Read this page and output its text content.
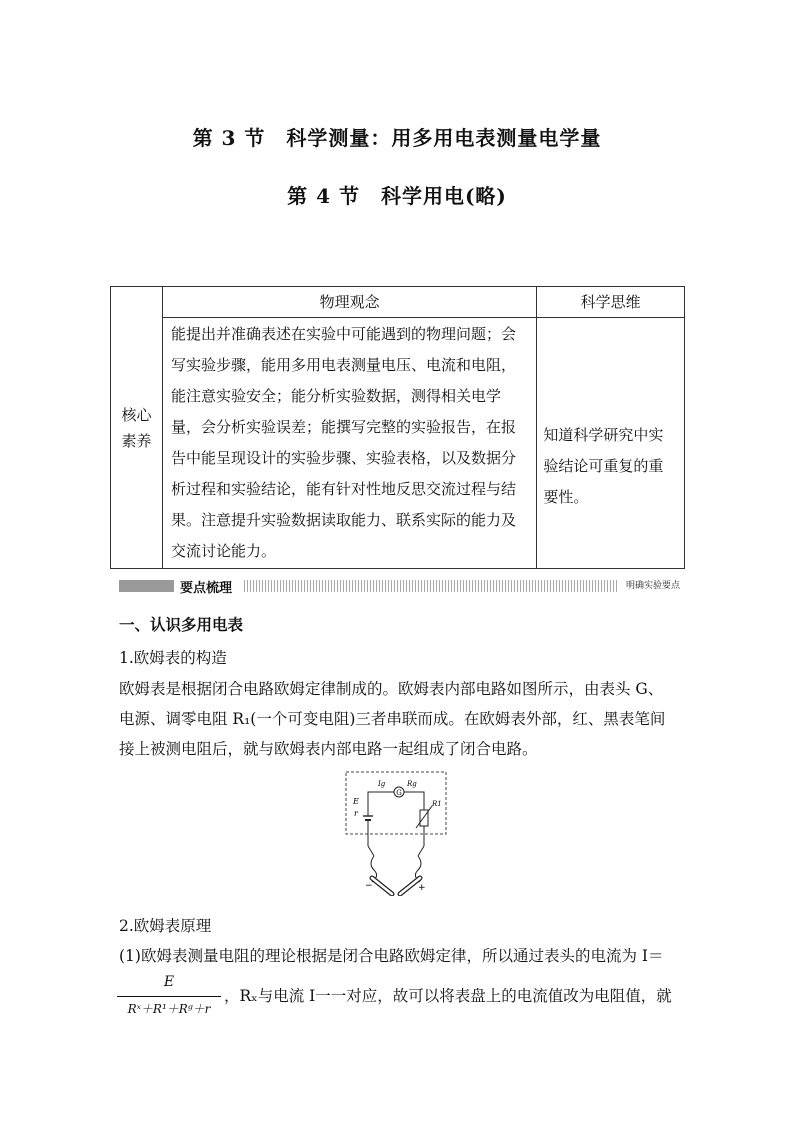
第 3 节　科学测量：用多用电表测量电学量
第 4 节　科学用电(略)
核心素养	物理观念	科学思维
	能提出并准确表述在实验中可能遇到的物理问题；会写实验步骤，能用多用电表测量电压、电流和电阻，能注意实验安全；能分析实验数据，测得相关电学量，会分析实验误差；能撰写完整的实验报告，在报告中能呈现设计的实验步骤、实验表格，以及数据分析过程和实验结论，能有针对性地反思交流过程与结果。注意提升实验数据读取能力、联系实际的能力及交流讨论能力。	知道科学研究中实验结论可重复的重要性。
要点梳理	明确实验要点
一、认识多用电表
1.欧姆表的构造
欧姆表是根据闭合电路欧姆定律制成的。欧姆表内部电路如图所示，由表头 G、
电源、调零电阻 R₁(一个可变电阻)三者串联而成。在欧姆表外部，红、黑表笔间
接上被测电阻后，就与欧姆表内部电路一起组成了闭合电路。
G
E
r
Ig	Rg
R1
−	+
2.欧姆表原理
(1)欧姆表测量电阻的理论根据是闭合电路欧姆定律，所以通过表头的电流为 I＝
E
Rˣ＋R¹＋Rᵍ＋r
，Rₓ与电流 I一一对应，故可以将表盘上的电流值改为电阻值，就
